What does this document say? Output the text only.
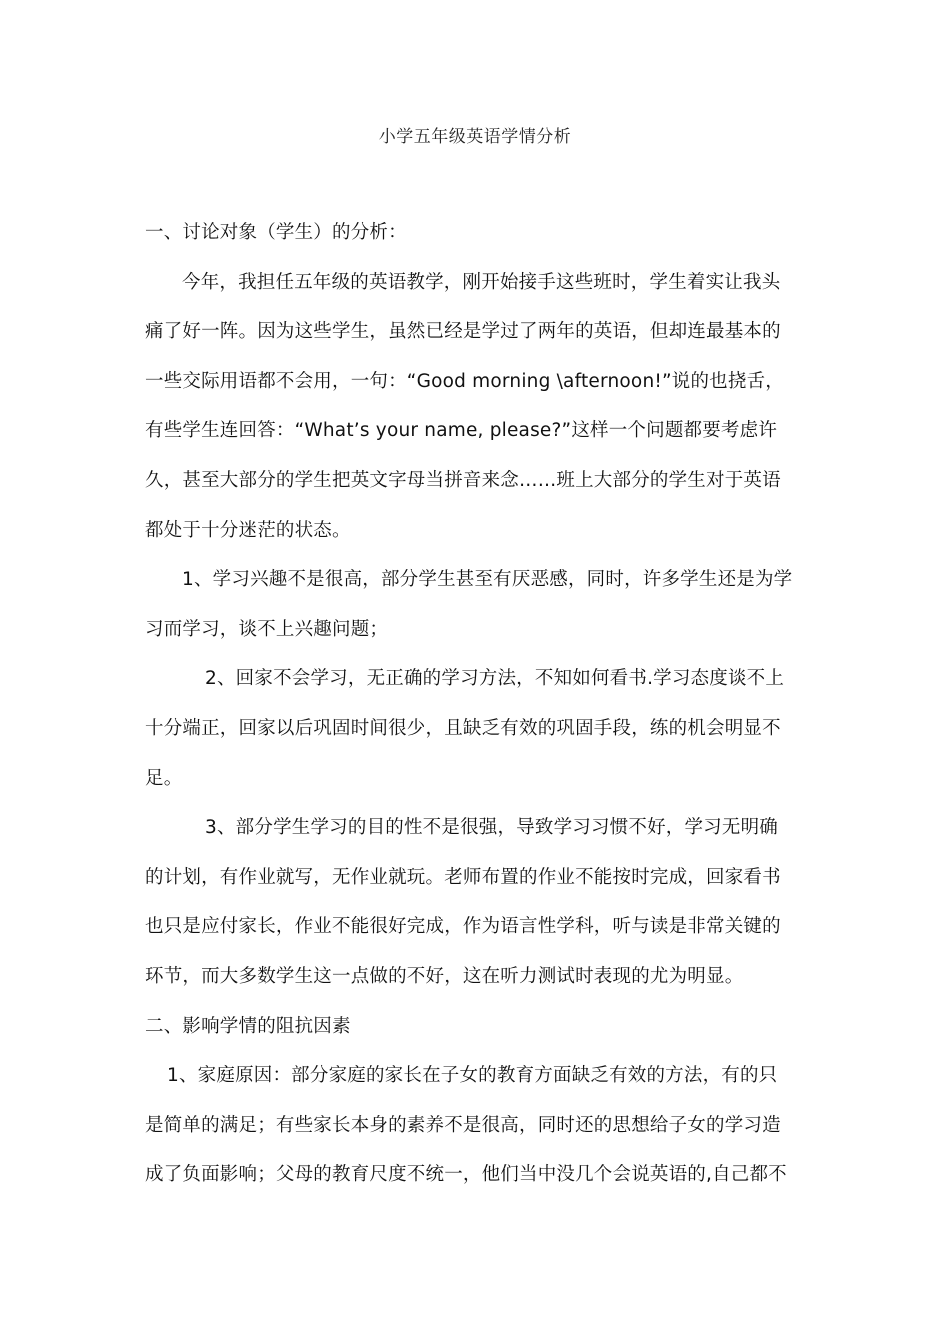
小学五年级英语学情分析
一、讨论对象（学生）的分析：
今年，我担任五年级的英语教学，刚开始接手这些班时，学生着实让我头
痛了好一阵。因为这些学生，虽然已经是学过了两年的英语，但却连最基本的
一些交际用语都不会用，一句：“Good morning \afternoon!”说的也挠舌，
有些学生连回答：“What’s your name, please?”这样一个问题都要考虑许
久，甚至大部分的学生把英文字母当拼音来念……班上大部分的学生对于英语
都处于十分迷茫的状态。
1、学习兴趣不是很高，部分学生甚至有厌恶感，同时，许多学生还是为学
习而学习，谈不上兴趣问题；
2、回家不会学习，无正确的学习方法，不知如何看书.学习态度谈不上
十分端正，回家以后巩固时间很少，且缺乏有效的巩固手段，练的机会明显不
足。
3、部分学生学习的目的性不是很强，导致学习习惯不好，学习无明确
的计划，有作业就写，无作业就玩。老师布置的作业不能按时完成，回家看书
也只是应付家长，作业不能很好完成，作为语言性学科，听与读是非常关键的
环节，而大多数学生这一点做的不好，这在听力测试时表现的尤为明显。
二、影响学情的阻抗因素
1、家庭原因：部分家庭的家长在子女的教育方面缺乏有效的方法，有的只
是简单的满足；有些家长本身的素养不是很高，同时还的思想给子女的学习造
成了负面影响；父母的教育尺度不统一，他们当中没几个会说英语的,自己都不
